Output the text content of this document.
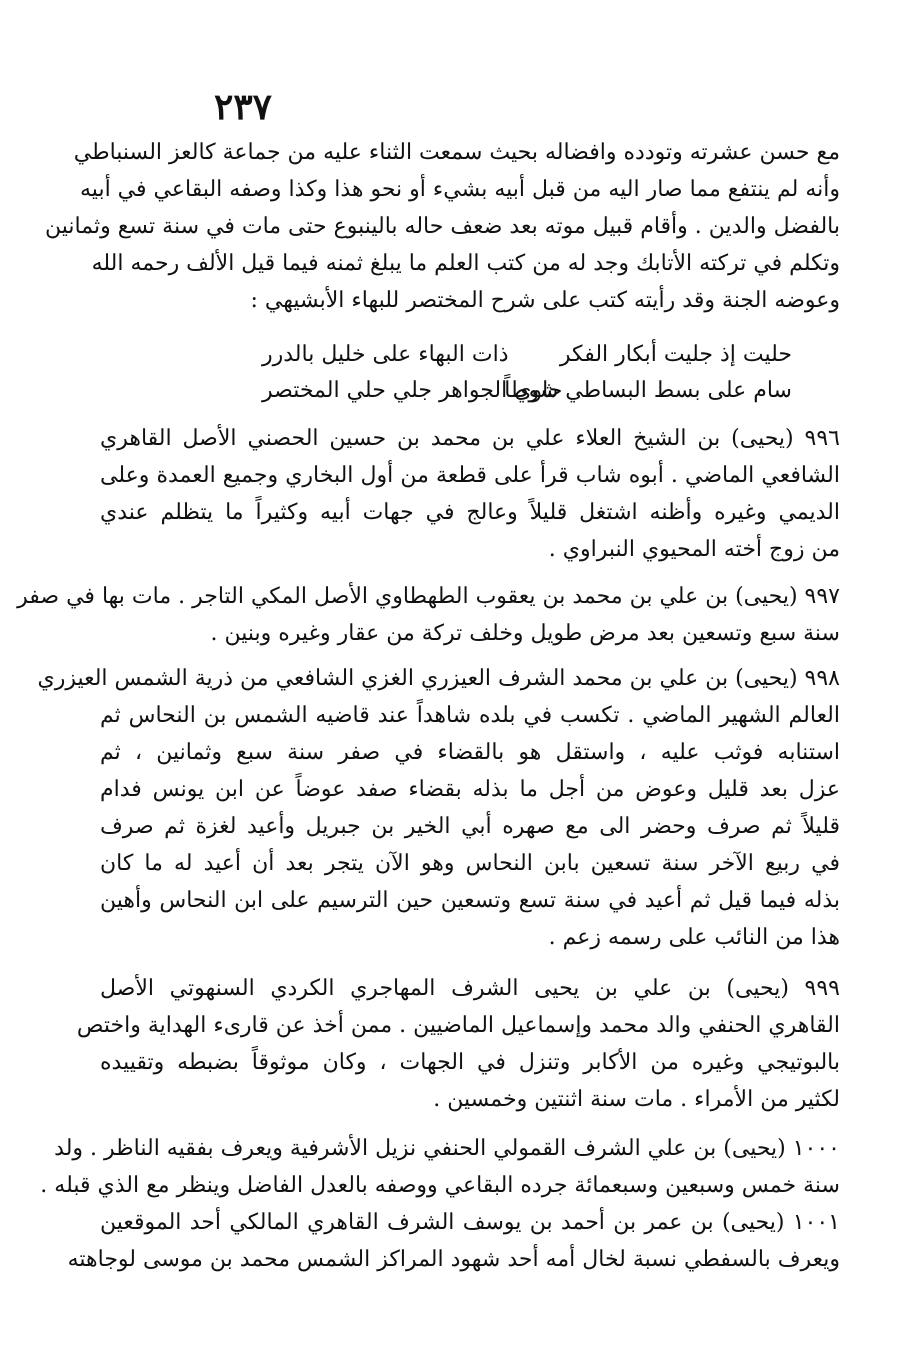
٢٣٧
مع حسن عشرته وتودده وافضاله بحيث سمعت الثناء عليه من جماعة كالعز السنباطي
وأنه لم ينتفع مما صار اليه من قبل أبيه بشيء أو نحو هذا وكذا وصفه البقاعي في أبيه
بالفضل والدين . وأقام قبيل موته بعد ضعف حاله بالينبوع حتى مات في سنة تسع وثمانين
وتكلم في تركته الأتابك وجد له من كتب العلم ما يبلغ ثمنه فيما قيل الألف رحمه الله
وعوضه الجنة وقد رأيته كتب على شرح المختصر للبهاء الأبشيهي :
حليت إذ جليت أبكار الفكر
ذات البهاء على خليل بالدرر
سام على بسط البساطي شوطاً
حاوي الجواهر جلي حلي المختصر
٩٩٦ (يحيى) بن الشيخ العلاء علي بن محمد بن حسين الحصني الأصل القاهري
الشافعي الماضي . أبوه شاب قرأ على قطعة من أول البخاري وجميع العمدة وعلى
الديمي وغيره وأظنه اشتغل قليلاً وعالج في جهات أبيه وكثيراً ما يتظلم عندي
من زوج أخته المحيوي النبراوي .
٩٩٧ (يحيى) بن علي بن محمد بن يعقوب الطهطاوي الأصل المكي التاجر . مات بها في صفر
سنة سبع وتسعين بعد مرض طويل وخلف تركة من عقار وغيره وبنين .
٩٩٨ (يحيى) بن علي بن محمد الشرف العيزري الغزي الشافعي من ذرية الشمس العيزري
العالم الشهير الماضي . تكسب في بلده شاهداً عند قاضيه الشمس بن النحاس ثم
استنابه فوثب عليه ، واستقل هو بالقضاء في صفر سنة سبع وثمانين ، ثم
عزل بعد قليل وعوض من أجل ما بذله بقضاء صفد عوضاً عن ابن يونس فدام
قليلاً ثم صرف وحضر الى مع صهره أبي الخير بن جبريل وأعيد لغزة ثم صرف
في ربيع الآخر سنة تسعين بابن النحاس وهو الآن يتجر بعد أن أعيد له ما كان
بذله فيما قيل ثم أعيد في سنة تسع وتسعين حين الترسيم على ابن النحاس وأهين
هذا من النائب على رسمه زعم .
٩٩٩ (يحيى) بن علي بن يحيى الشرف المهاجري الكردي السنهوتي الأصل
القاهري الحنفي والد محمد وإسماعيل الماضيين . ممن أخذ عن قارىء الهداية واختص
بالبوتيجي وغيره من الأكابر وتنزل في الجهات ، وكان موثوقاً بضبطه وتقييده
لكثير من الأمراء . مات سنة اثنتين وخمسين .
١٠٠٠ (يحيى) بن علي الشرف القمولي الحنفي نزيل الأشرفية ويعرف بفقيه الناظر . ولد
سنة خمس وسبعين وسبعمائة جرده البقاعي ووصفه بالعدل الفاضل وينظر مع الذي قبله .
١٠٠١ (يحيى) بن عمر بن أحمد بن يوسف الشرف القاهري المالكي أحد الموقعين
ويعرف بالسفطي نسبة لخال أمه أحد شهود المراكز الشمس محمد بن موسى لوجاهته
